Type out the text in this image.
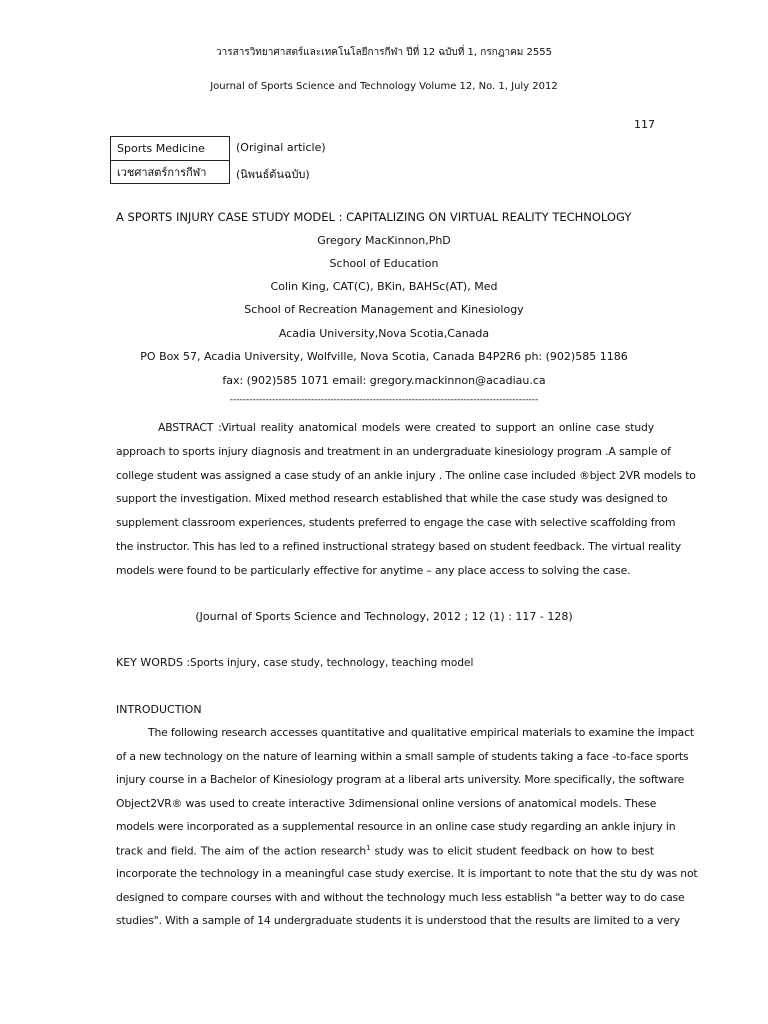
วารสารวิทยาศาสตร์และเทคโนโลยีการกีฬา ปีที่ 12 ฉบับที่ 1, กรกฎาคม 2555
Journal of Sports Science and Technology Volume 12, No. 1, July 2012
117
Sports Medicine
เวชศาสตร์การกีฬา
(Original article)
(นิพนธ์ต้นฉบับ)
A SPORTS INJURY CASE STUDY MODEL : CAPITALIZING ON VIRTUAL REALITY TECHNOLOGY
Gregory MacKinnon,PhD
School of Education
Colin King, CAT(C), BKin, BAHSc(AT), Med
School of Recreation Management and Kinesiology
Acadia University,Nova Scotia,Canada
PO Box 57, Acadia University, Wolfville, Nova Scotia, Canada B4P2R6 ph: (902)585 1186
fax: (902)585 1071 email: gregory.mackinnon@acadiau.ca
-----------------------------------------------------------------------------------------------
ABSTRACT :Virtual reality anatomical models were created to support an online case study
approach to sports injury diagnosis and treatment in an undergraduate kinesiology program .A sample of
college student was assigned a case study of an ankle injury . The online case included ®bject 2VR models to
support the investigation. Mixed method research established that while the case study was designed to
supplement classroom experiences, students preferred to engage the case with selective scaffolding from
the instructor. This has led to a refined instructional strategy based on student feedback. The virtual reality
models were found to be particularly effective for anytime – any place access to solving the case.
(Journal of Sports Science and Technology, 2012 ; 12 (1) : 117 - 128)
KEY WORDS :Sports injury, case study, technology, teaching model
INTRODUCTION
The following research accesses quantitative and qualitative empirical materials to examine the impact
of a new technology on the nature of learning within a small sample of students taking a face -to-face sports
injury course in a Bachelor of Kinesiology program at a liberal arts university. More specifically, the software
Object2VR® was used to create interactive 3dimensional online versions of anatomical models. These
models were incorporated as a supplemental resource in an online case study regarding an ankle injury in
track and field. The aim of the action research$^1$ study was to elicit student feedback on how to best
incorporate the technology in a meaningful case study exercise. It is important to note that the stu dy was not
designed to compare courses with and without the technology much less establish "a better way to do case
studies". With a sample of 14 undergraduate students it is understood that the results are limited to a very
